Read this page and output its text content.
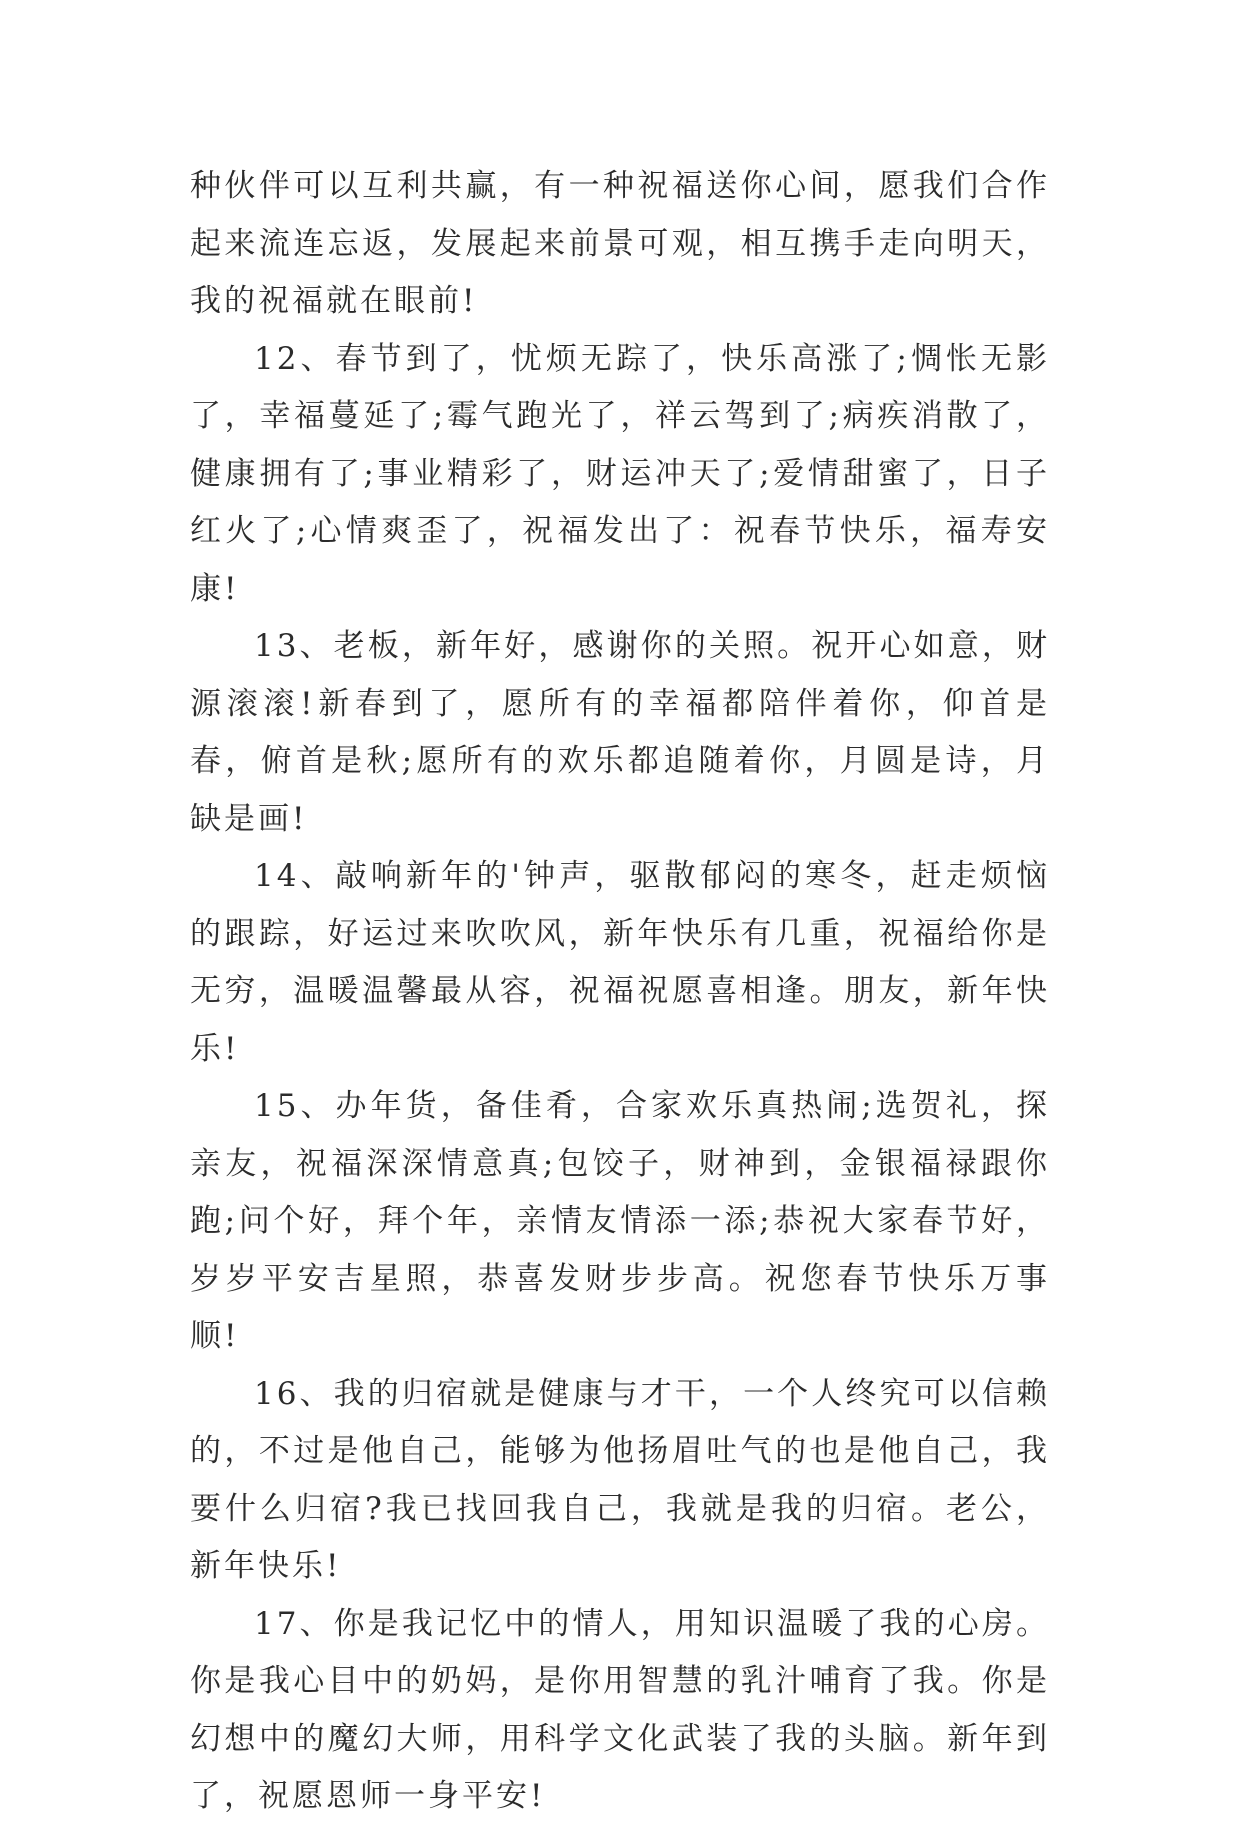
种伙伴可以互利共赢，有一种祝福送你心间，愿我们合作起来流连忘返，发展起来前景可观，相互携手走向明天，我的祝福就在眼前!

12、春节到了，忧烦无踪了，快乐高涨了;惆怅无影了，幸福蔓延了;霉气跑光了，祥云驾到了;病疾消散了，健康拥有了;事业精彩了，财运冲天了;爱情甜蜜了，日子红火了;心情爽歪了，祝福发出了：祝春节快乐，福寿安康!

13、老板，新年好，感谢你的关照。祝开心如意，财源滚滚!新春到了，愿所有的幸福都陪伴着你，仰首是春，俯首是秋;愿所有的欢乐都追随着你，月圆是诗，月缺是画!

14、敲响新年的'钟声，驱散郁闷的寒冬，赶走烦恼的跟踪，好运过来吹吹风，新年快乐有几重，祝福给你是无穷，温暖温馨最从容，祝福祝愿喜相逢。朋友，新年快乐!

15、办年货，备佳肴，合家欢乐真热闹;选贺礼，探亲友，祝福深深情意真;包饺子，财神到，金银福禄跟你跑;问个好，拜个年，亲情友情添一添;恭祝大家春节好，岁岁平安吉星照，恭喜发财步步高。祝您春节快乐万事顺!

16、我的归宿就是健康与才干，一个人终究可以信赖的，不过是他自己，能够为他扬眉吐气的也是他自己，我要什么归宿?我已找回我自己，我就是我的归宿。老公，新年快乐!

17、你是我记忆中的情人，用知识温暖了我的心房。你是我心目中的奶妈，是你用智慧的乳汁哺育了我。你是幻想中的魔幻大师，用科学文化武装了我的头脑。新年到了，祝愿恩师一身平安!
